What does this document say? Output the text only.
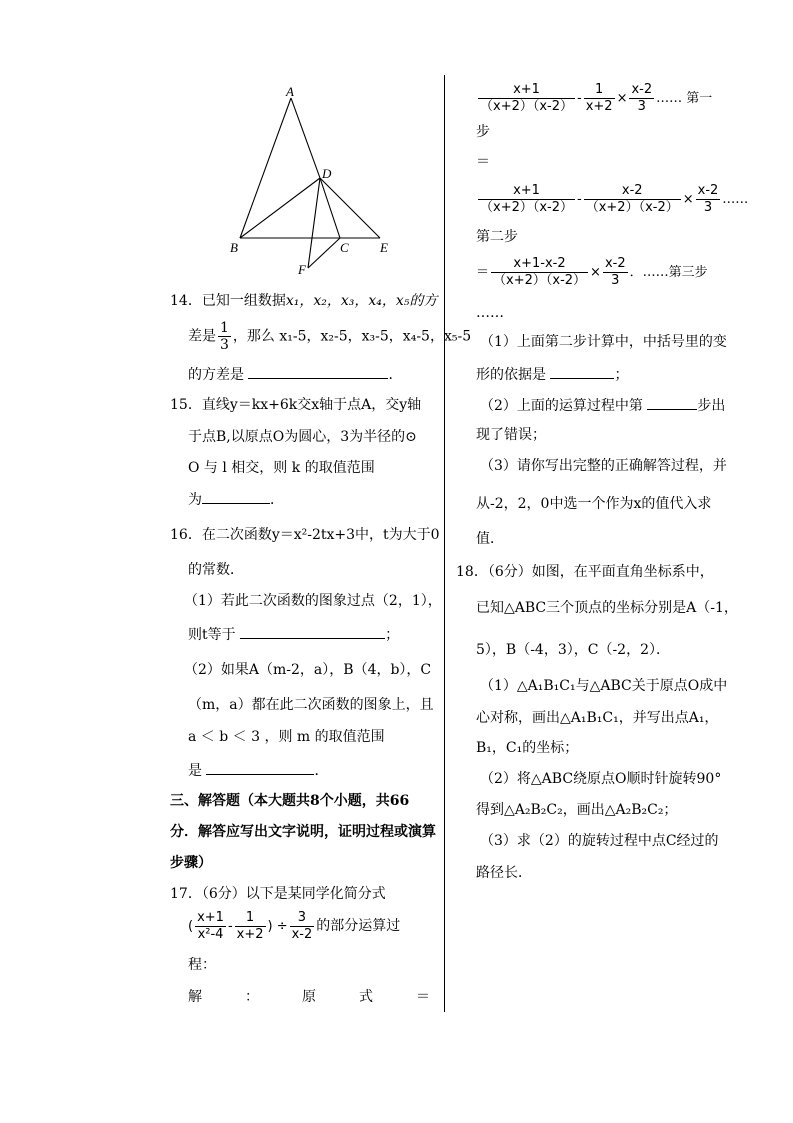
A
B	C
D
E
F
14．已知一组数据x₁，x₂，x₃，x₄，x₅的方
差是 $\frac{1}{3}$ ，那么 x₁-5，x₂-5，x₃-5，x₄-5，x₅-5
的方差是	．
15．直线y＝kx+6k交x轴于点A，交y轴
于点B,以原点O为圆心，3为半径的⊙
O 与 l 相交，则 k 的取值范围
为	．
16．在二次函数y＝x²-2tx+3中，t为大于0
的常数．
（1）若此二次函数的图象过点（2，1），
则t等于	；
（2）如果A（m-2，a），B（4，b），C
（m，a）都在此二次函数的图象上，且
a ＜ b ＜ 3 ，则 m 的取值范围
是	．
三、解答题（本大题共8个小题，共66
分．解答应写出文字说明，证明过程或演算
步骤）
17．（6分）以下是某同学化简分式
( $\frac{x+1}{\text{x²-4}} - \frac{1}{x+2}$ ) ÷ $\frac{3}{x-2}$ 的部分运算过
程：
解 ： 原 式 ＝
$\frac{x+1}{(x+2)(x-2)} - \frac{1}{x+2} \times \frac{x-2}{3}$ …… 第一
步
＝
$\frac{x+1}{(x+2)(x-2)} - \frac{x-2}{(x+2)(x-2)} \times \frac{x-2}{3}$ ……
第二步
＝ $\frac{x+1-x-2}{(x+2)(x-2)} \times \frac{x-2}{3}$ ．……第三步
……
（1）上面第二步计算中，中括号里的变
形的依据是	；
（2）上面的运算过程中第	步出
现了错误；
（3）请你写出完整的正确解答过程，并
从-2，2，0中选一个作为x的值代入求
值．
18．（6分）如图，在平面直角坐标系中，
已知△ABC三个顶点的坐标分别是A（-1，
5），B（-4，3），C（-2，2）．
（1）△A₁B₁C₁与△ABC关于原点O成中
心对称，画出△A₁B₁C₁，并写出点A₁，
B₁，C₁的坐标；
（2）将△ABC绕原点O顺时针旋转90°
得到△A₂B₂C₂，画出△A₂B₂C₂；
（3）求（2）的旋转过程中点C经过的
路径长．
